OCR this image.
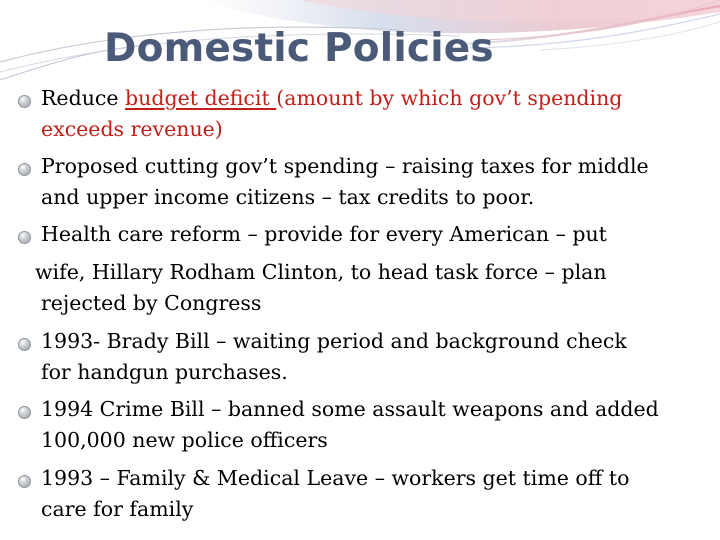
Domestic Policies
Reduce budget deficit (amount by which gov’t spending
exceeds revenue)
Proposed cutting gov’t spending – raising taxes for middle
and upper income citizens – tax credits to poor.
Health care reform – provide for every American – put
wife, Hillary Rodham Clinton, to head task force – plan
rejected by Congress
1993- Brady Bill – waiting period and background check
for handgun purchases.
1994 Crime Bill – banned some assault weapons and added
100,000 new police officers
1993 – Family & Medical Leave – workers get time off to
care for family
